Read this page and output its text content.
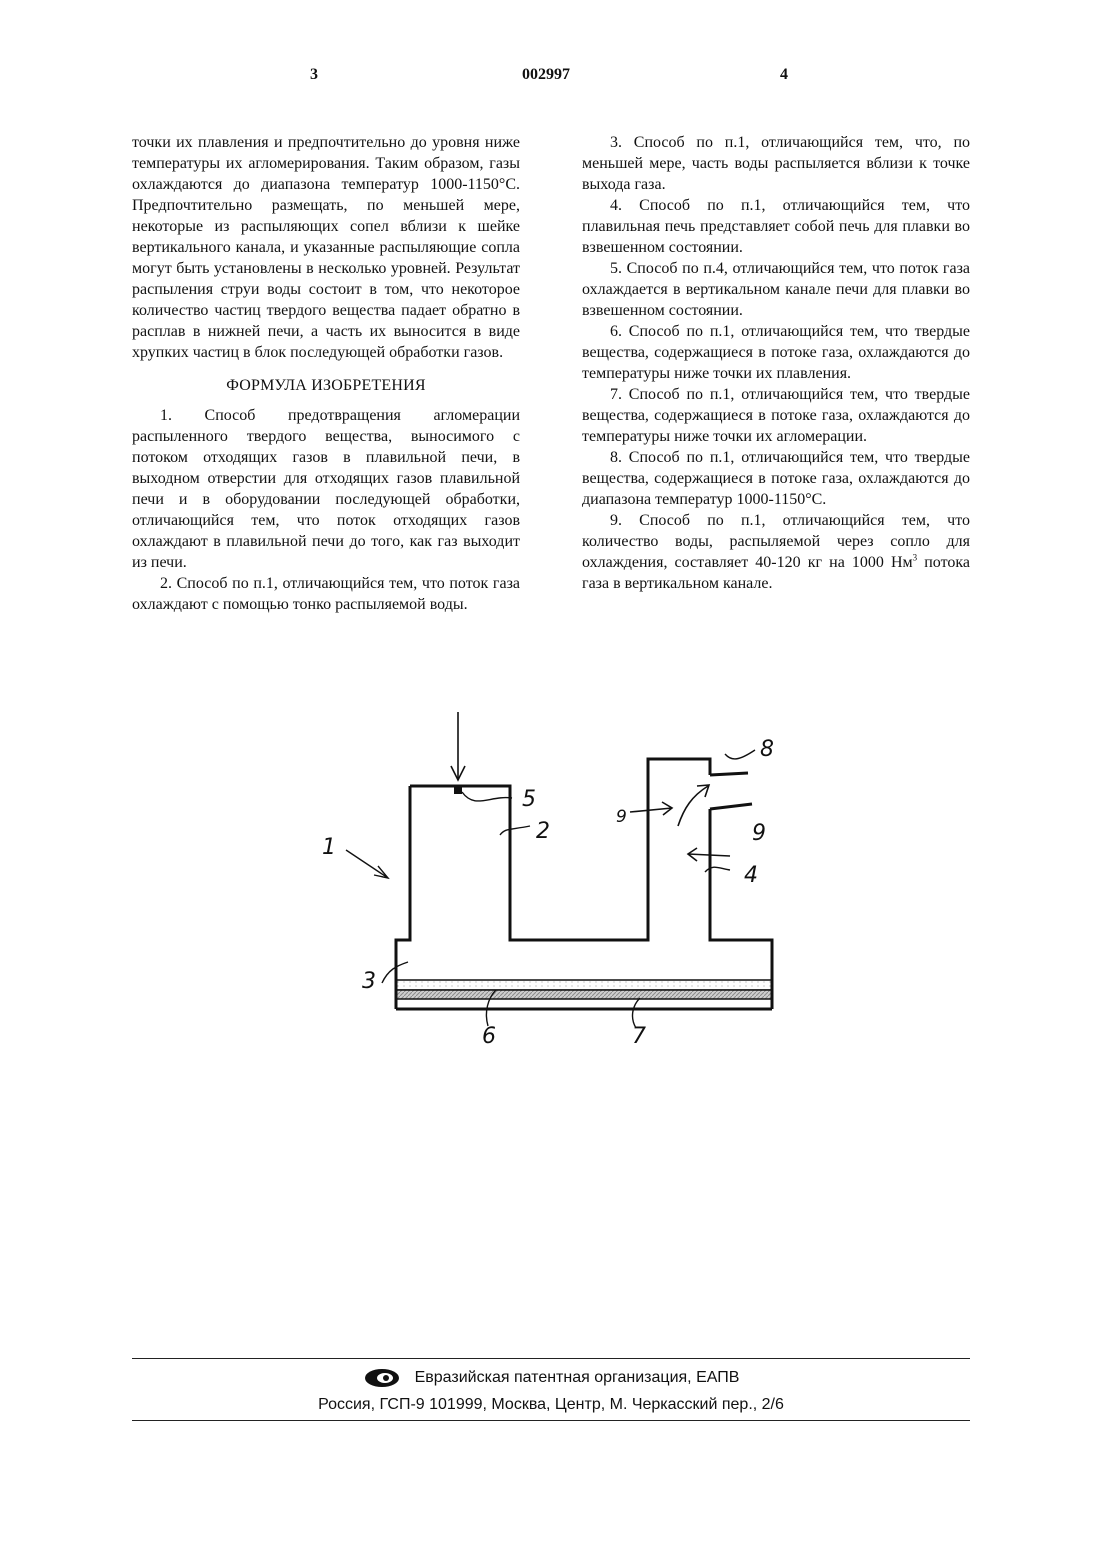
3	002997	4

точки их плавления и предпочтительно до уровня ниже температуры их агломерирования. Таким образом, газы охлаждаются до диапазона температур 1000-1150°С. Предпочтительно размещать, по меньшей мере, некоторые из распыляющих сопел вблизи к шейке вертикального канала, и указанные распыляющие сопла могут быть установлены в несколько уровней. Результат распыления струи воды состоит в том, что некоторое количество частиц твердого вещества падает обратно в расплав в нижней печи, а часть их выносится в виде хрупких частиц в блок последующей обработки газов.

ФОРМУЛА ИЗОБРЕТЕНИЯ

1. Способ предотвращения агломерации распыленного твердого вещества, выносимого с потоком отходящих газов в плавильной печи, в выходном отверстии для отходящих газов плавильной печи и в оборудовании последующей обработки, отличающийся тем, что поток отходящих газов охлаждают в плавильной печи до того, как газ выходит из печи.

2. Способ по п.1, отличающийся тем, что поток газа охлаждают с помощью тонко распыляемой воды.

3. Способ по п.1, отличающийся тем, что, по меньшей мере, часть воды распыляется вблизи к точке выхода газа.

4. Способ по п.1, отличающийся тем, что плавильная печь представляет собой печь для плавки во взвешенном состоянии.

5. Способ по п.4, отличающийся тем, что поток газа охлаждается в вертикальном канале печи для плавки во взвешенном состоянии.

6. Способ по п.1, отличающийся тем, что твердые вещества, содержащиеся в потоке газа, охлаждаются до температуры ниже точки их плавления.

7. Способ по п.1, отличающийся тем, что твердые вещества, содержащиеся в потоке газа, охлаждаются до температуры ниже точки их агломерации.

8. Способ по п.1, отличающийся тем, что твердые вещества, содержащиеся в потоке газа, охлаждаются до диапазона температур 1000-1150°С.

9. Способ по п.1, отличающийся тем, что количество воды, распыляемой через сопло для охлаждения, составляет 40-120 кг на 1000 $Нм^3$ потока газа в вертикальном канале.

1
2
3
4
5
6	7
8
9
9
Евразийская патентная организация, ЕАПВ
Россия, ГСП-9 101999, Москва, Центр, М. Черкасский пер., 2/6
